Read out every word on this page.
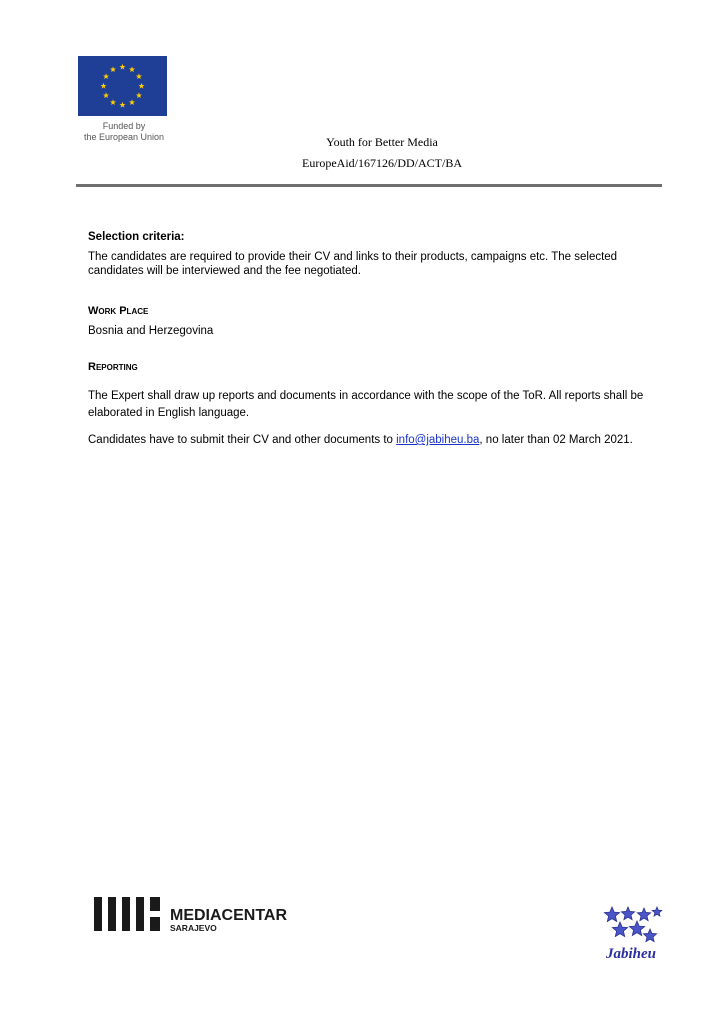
Funded by
the European Union	Youth for Better Media
EuropeAid/167126/DD/ACT/BA

Selection criteria:

The candidates are required to provide their CV and links to their products, campaigns etc. The selected candidates will be interviewed and the fee negotiated.

Work Place

Bosnia and Herzegovina

Reporting

The Expert shall draw up reports and documents in accordance with the scope of the ToR. All reports shall be elaborated in English language.

Candidates have to submit their CV and other documents to info@jabiheu.ba, no later than 02 March 2021.

MEDIACENTAR
SARAJEVO
Jabiheu
